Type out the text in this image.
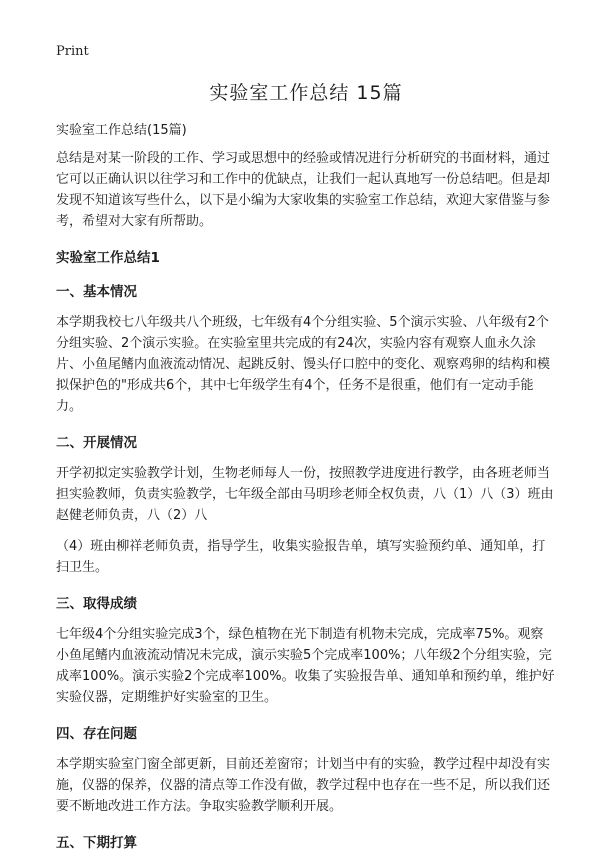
Print
实验室工作总结 15篇
实验室工作总结(15篇)

总结是对某一阶段的工作、学习或思想中的经验或情况进行分析研究的书面材料，通过它可以正确认识以往学习和工作中的优缺点，让我们一起认真地写一份总结吧。但是却发现不知道该写些什么，以下是小编为大家收集的实验室工作总结，欢迎大家借鉴与参考，希望对大家有所帮助。

实验室工作总结1
一、基本情况

本学期我校七八年级共八个班级，七年级有4个分组实验、5个演示实验、八年级有2个分组实验、2个演示实验。在实验室里共完成的有24次，实验内容有观察人血永久涂片、小鱼尾鳍内血液流动情况、起跳反射、馒头仔口腔中的变化、观察鸡卵的结构和模拟保护色的"形成共6个，其中七年级学生有4个，任务不是很重，他们有一定动手能力。

二、开展情况

开学初拟定实验教学计划，生物老师每人一份，按照教学进度进行教学，由各班老师当担实验教师，负责实验教学，七年级全部由马明珍老师全权负责，八（1）八（3）班由赵健老师负责，八（2）八

（4）班由柳祥老师负责，指导学生，收集实验报告单，填写实验预约单、通知单，打扫卫生。

三、取得成绩

七年级4个分组实验完成3个，绿色植物在光下制造有机物未完成，完成率75%。观察小鱼尾鳍内血液流动情况未完成，演示实验5个完成率100%；八年级2个分组实验，完成率100%。演示实验2个完成率100%。收集了实验报告单、通知单和预约单，维护好实验仪器，定期维护好实验室的卫生。

四、存在问题

本学期实验室门窗全部更新，目前还差窗帘；计划当中有的实验，教学过程中却没有实施，仪器的保养，仪器的清点等工作没有做，教学过程中也存在一些不足，所以我们还要不断地改进工作方法。争取实验教学顺利开展。

五、下期打算
